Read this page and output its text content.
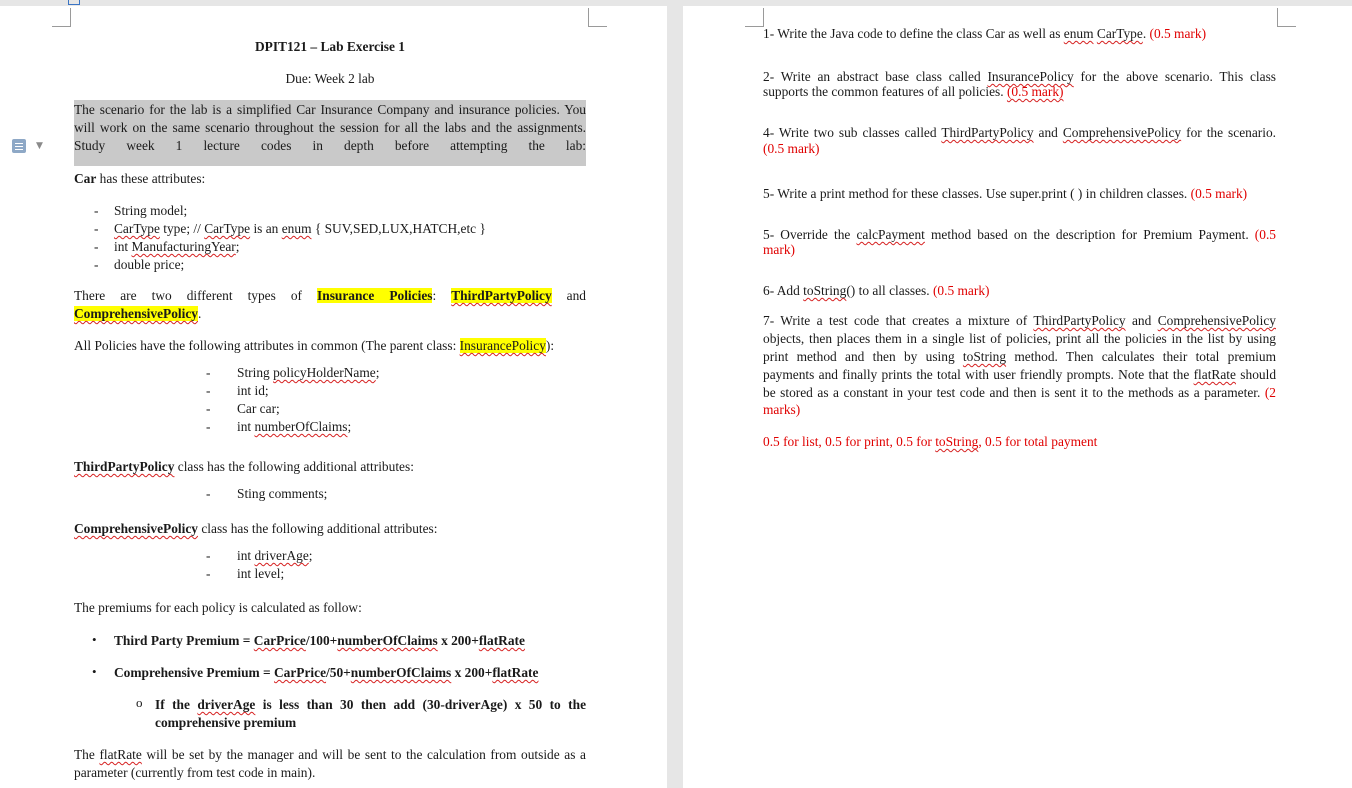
DPIT121 – Lab Exercise 1

Due: Week 2 lab

The scenario for the lab is a simplified Car Insurance Company and insurance policies. You will work on the same scenario throughout the session for all the labs and the assignments. Study week 1 lecture codes in depth before attempting the lab:

Car has these attributes:

- String model;
- CarType type; // CarType is an enum { SUV,SED,LUX,HATCH,etc }
- int ManufacturingYear;
- double price;

There are two different types of Insurance Policies: ThirdPartyPolicy and

ComprehensivePolicy.

All Policies have the following attributes in common (The parent class: InsurancePolicy):

- String policyHolderName;
- int id;
- Car car;
- int numberOfClaims;

ThirdPartyPolicy class has the following additional attributes:

- Sting comments;

ComprehensivePolicy class has the following additional attributes:

- int driverAge;
- int level;

The premiums for each policy is calculated as follow:

• Third Party Premium = CarPrice/100+numberOfClaims x 200+flatRate

• Comprehensive Premium = CarPrice/50+numberOfClaims x 200+flatRate

o If the driverAge is less than 30 then add (30-driverAge) x 50 to the

comprehensive premium

The flatRate will be set by the manager and will be sent to the calculation from outside as a

parameter (currently from test code in main).

▼

1- Write the Java code to define the class Car as well as enum CarType. (0.5 mark)

2- Write an abstract base class called InsurancePolicy for the above scenario. This class

supports the common features of all policies. (0.5 mark)

4- Write two sub classes called ThirdPartyPolicy and ComprehensivePolicy for the scenario.

(0.5 mark)

5- Write a print method for these classes. Use super.print ( ) in children classes. (0.5 mark)

5- Override the calcPayment method based on the description for Premium Payment. (0.5

mark)

6- Add toString() to all classes. (0.5 mark)

7- Write a test code that creates a mixture of ThirdPartyPolicy and ComprehensivePolicy

objects, then places them in a single list of policies, print all the policies in the list by using

print method and then by using toString method. Then calculates their total premium

payments and finally prints the total with user friendly prompts. Note that the flatRate should

be stored as a constant in your test code and then is sent it to the methods as a parameter. (2

marks)

0.5 for list, 0.5 for print, 0.5 for toString, 0.5 for total payment
